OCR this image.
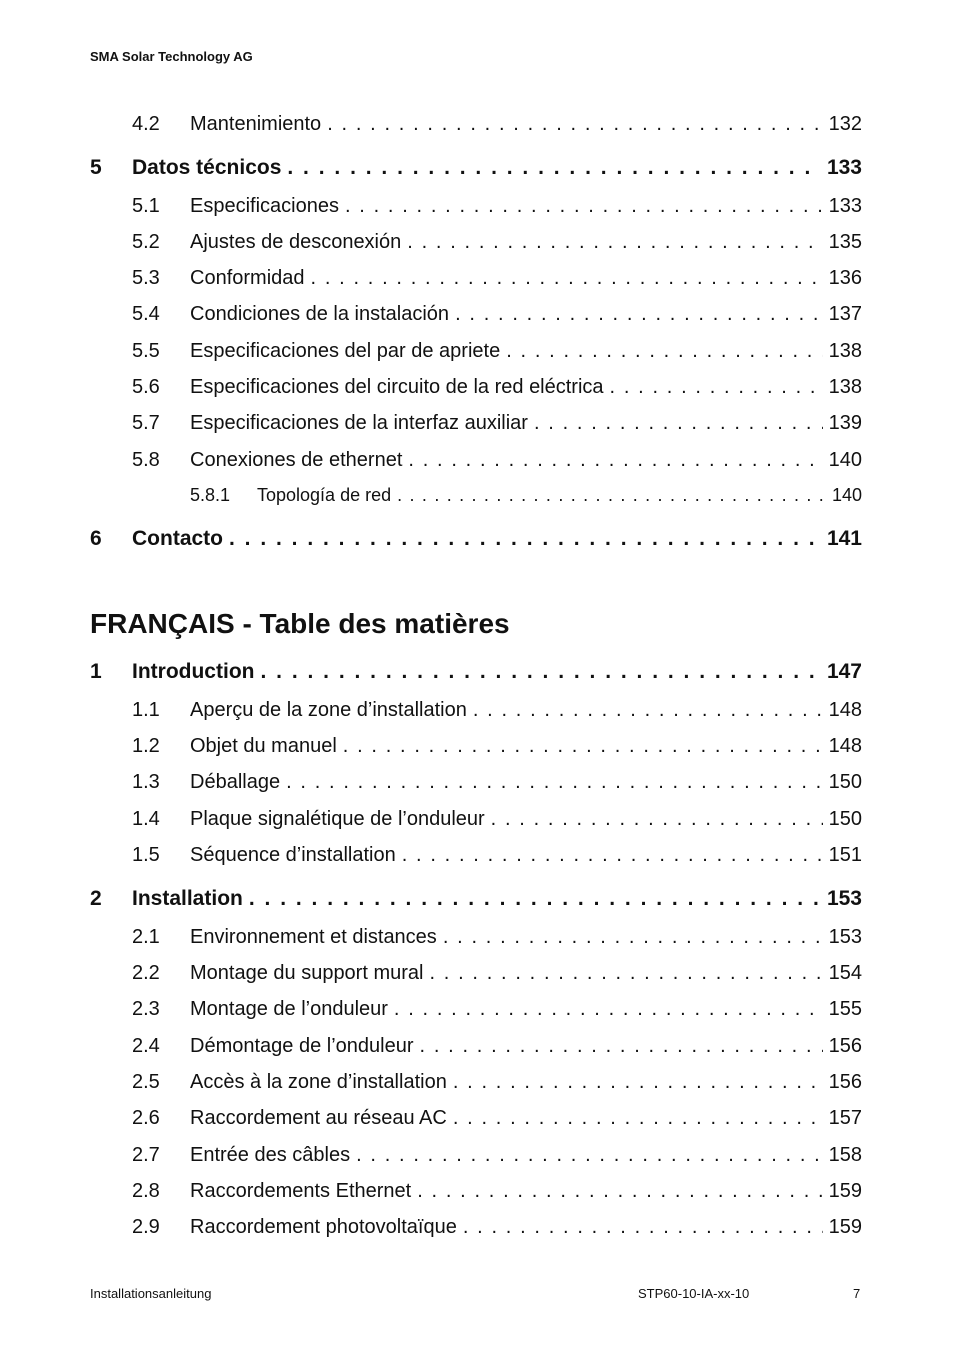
SMA Solar Technology AG
4.2	Mantenimiento . . .	132
5	Datos técnicos . . .	133
5.1	Especificaciones . . .	133
5.2	Ajustes de desconexión . . .	135
5.3	Conformidad . . .	136
5.4	Condiciones de la instalación . . .	137
5.5	Especificaciones del par de apriete . . .	138
5.6	Especificaciones del circuito de la red eléctrica . . .	138
5.7	Especificaciones de la interfaz auxiliar . . .	139
5.8	Conexiones de ethernet . . .	140
5.8.1	Topología de red . . .	140
6	Contacto . . .	141
FRANÇAIS - Table des matières
1	Introduction . . .	147
1.1	Aperçu de la zone d’installation . . .	148
1.2	Objet du manuel . . .	148
1.3	Déballage . . .	150
1.4	Plaque signalétique de l’onduleur . . .	150
1.5	Séquence d’installation . . .	151
2	Installation . . .	153
2.1	Environnement et distances . . .	153
2.2	Montage du support mural . . .	154
2.3	Montage de l’onduleur . . .	155
2.4	Démontage de l’onduleur . . .	156
2.5	Accès à la zone d’installation . . .	156
2.6	Raccordement au réseau AC . . .	157
2.7	Entrée des câbles . . .	158
2.8	Raccordements Ethernet . . .	159
2.9	Raccordement photovoltaïque . . .	159
Installationsanleitung	STP60-10-IA-xx-10	7
